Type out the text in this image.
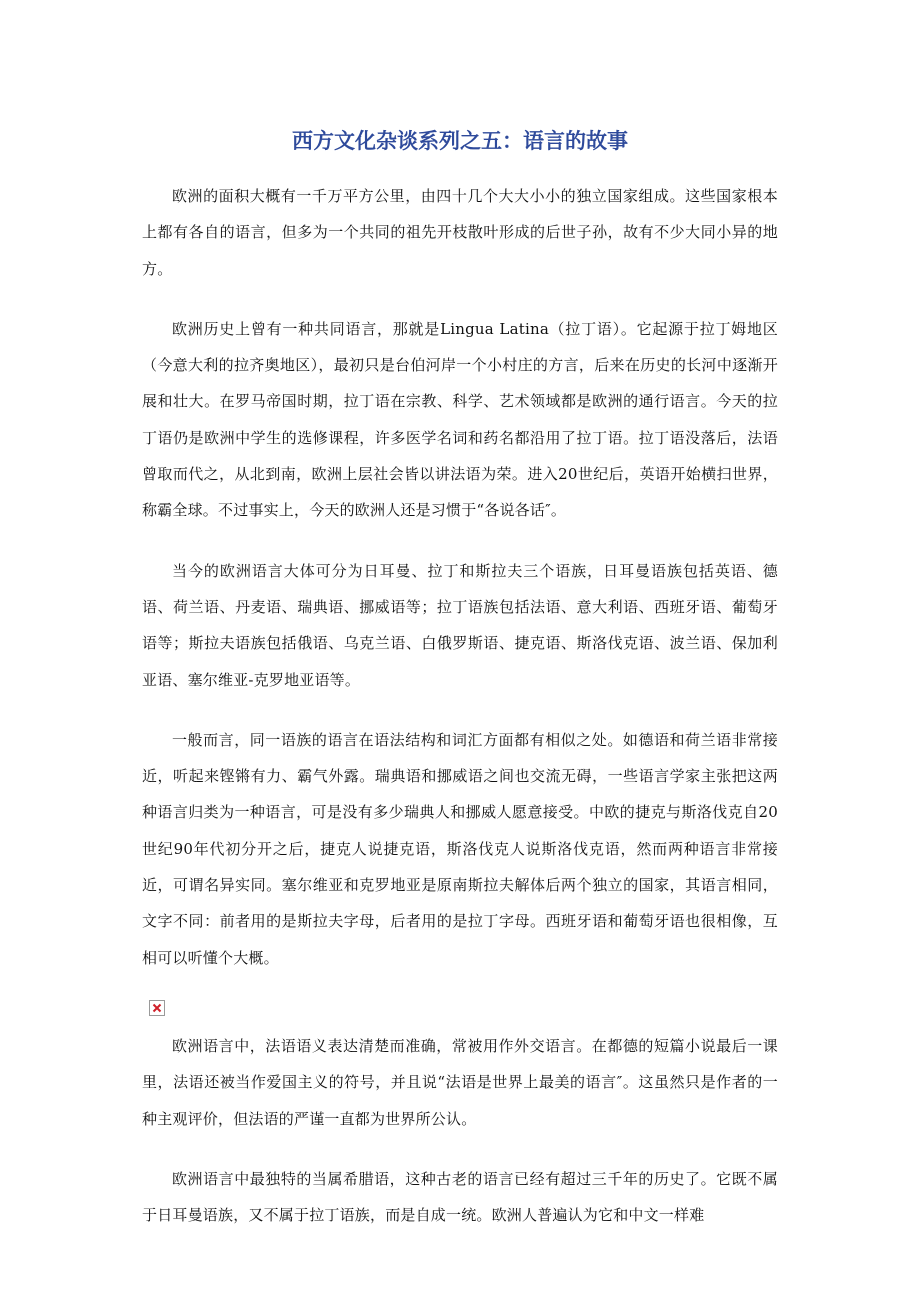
西方文化杂谈系列之五：语言的故事

欧洲的面积大概有一千万平方公里，由四十几个大大小小的独立国家组成。这些国家根本上都有各自的语言，但多为一个共同的祖先开枝散叶形成的后世子孙，故有不少大同小异的地方。

欧洲历史上曾有一种共同语言，那就是Lingua Latina（拉丁语）。它起源于拉丁姆地区（今意大利的拉齐奥地区），最初只是台伯河岸一个小村庄的方言，后来在历史的长河中逐渐开展和壮大。在罗马帝国时期，拉丁语在宗教、科学、艺术领域都是欧洲的通行语言。今天的拉丁语仍是欧洲中学生的选修课程，许多医学名词和药名都沿用了拉丁语。拉丁语没落后，法语曾取而代之，从北到南，欧洲上层社会皆以讲法语为荣。进入20世纪后，英语开始横扫世界，称霸全球。不过事实上，今天的欧洲人还是习惯于“各说各话″。

当今的欧洲语言大体可分为日耳曼、拉丁和斯拉夫三个语族，日耳曼语族包括英语、德语、荷兰语、丹麦语、瑞典语、挪威语等；拉丁语族包括法语、意大利语、西班牙语、葡萄牙语等；斯拉夫语族包括俄语、乌克兰语、白俄罗斯语、捷克语、斯洛伐克语、波兰语、保加利亚语、塞尔维亚-克罗地亚语等。

一般而言，同一语族的语言在语法结构和词汇方面都有相似之处。如德语和荷兰语非常接近，听起来铿锵有力、霸气外露。瑞典语和挪威语之间也交流无碍，一些语言学家主张把这两种语言归类为一种语言，可是没有多少瑞典人和挪威人愿意接受。中欧的捷克与斯洛伐克自20世纪90年代初分开之后，捷克人说捷克语，斯洛伐克人说斯洛伐克语，然而两种语言非常接近，可谓名异实同。塞尔维亚和克罗地亚是原南斯拉夫解体后两个独立的国家，其语言相同，文字不同：前者用的是斯拉夫字母，后者用的是拉丁字母。西班牙语和葡萄牙语也很相像，互相可以听懂个大概。

欧洲语言中，法语语义表达清楚而准确，常被用作外交语言。在都德的短篇小说最后一课里，法语还被当作爱国主义的符号，并且说“法语是世界上最美的语言″。这虽然只是作者的一种主观评价，但法语的严谨一直都为世界所公认。

欧洲语言中最独特的当属希腊语，这种古老的语言已经有超过三千年的历史了。它既不属于日耳曼语族，又不属于拉丁语族，而是自成一统。欧洲人普遍认为它和中文一样难
